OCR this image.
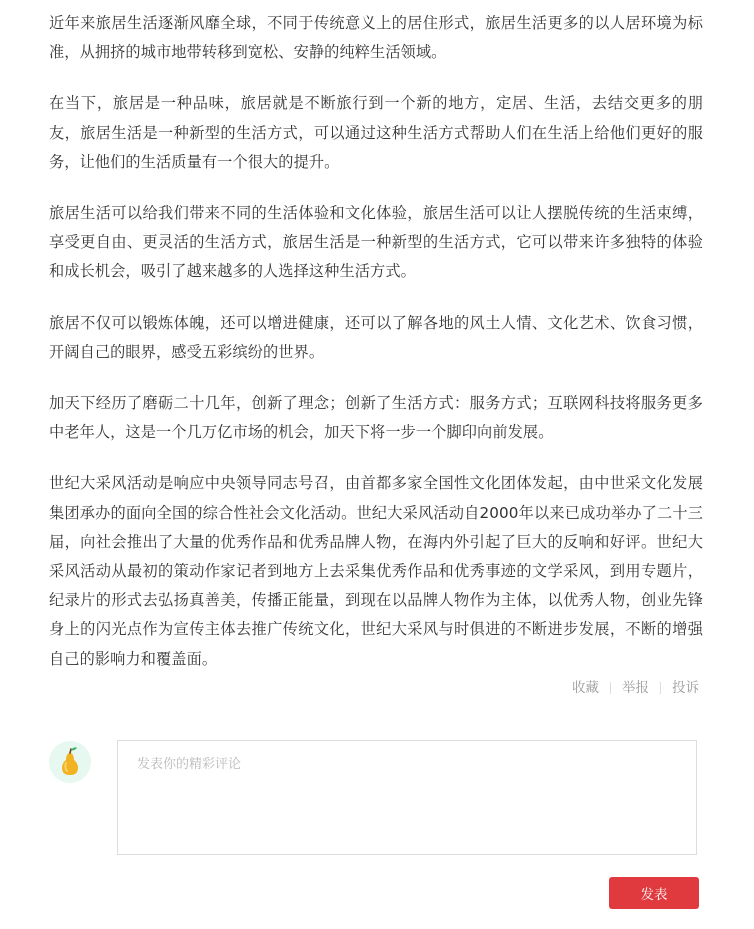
近年来旅居生活逐渐风靡全球，不同于传统意义上的居住形式，旅居生活更多的以人居环境为标准，从拥挤的城市地带转移到宽松、安静的纯粹生活领域。

在当下，旅居是一种品味，旅居就是不断旅行到一个新的地方，定居、生活，去结交更多的朋友，旅居生活是一种新型的生活方式，可以通过这种生活方式帮助人们在生活上给他们更好的服务，让他们的生活质量有一个很大的提升。

旅居生活可以给我们带来不同的生活体验和文化体验，旅居生活可以让人摆脱传统的生活束缚，享受更自由、更灵活的生活方式，旅居生活是一种新型的生活方式，它可以带来许多独特的体验和成长机会，吸引了越来越多的人选择这种生活方式。

旅居不仅可以锻炼体魄，还可以增进健康，还可以了解各地的风土人情、文化艺术、饮食习惯，开阔自己的眼界，感受五彩缤纷的世界。

加天下经历了磨砺二十几年，创新了理念；创新了生活方式：服务方式；互联网科技将服务更多中老年人，这是一个几万亿市场的机会，加天下将一步一个脚印向前发展。

世纪大采风活动是响应中央领导同志号召，由首都多家全国性文化团体发起，由中世采文化发展集团承办的面向全国的综合性社会文化活动。世纪大采风活动自2000年以来已成功举办了二十三届，向社会推出了大量的优秀作品和优秀品牌人物，在海内外引起了巨大的反响和好评。世纪大采风活动从最初的策动作家记者到地方上去采集优秀作品和优秀事迹的文学采风，到用专题片，纪录片的形式去弘扬真善美，传播正能量，到现在以品牌人物作为主体，以优秀人物，创业先锋身上的闪光点作为宣传主体去推广传统文化，世纪大采风与时俱进的不断进步发展，不断的增强自己的影响力和覆盖面。

收藏 举报 投诉
发表你的精彩评论
发表
